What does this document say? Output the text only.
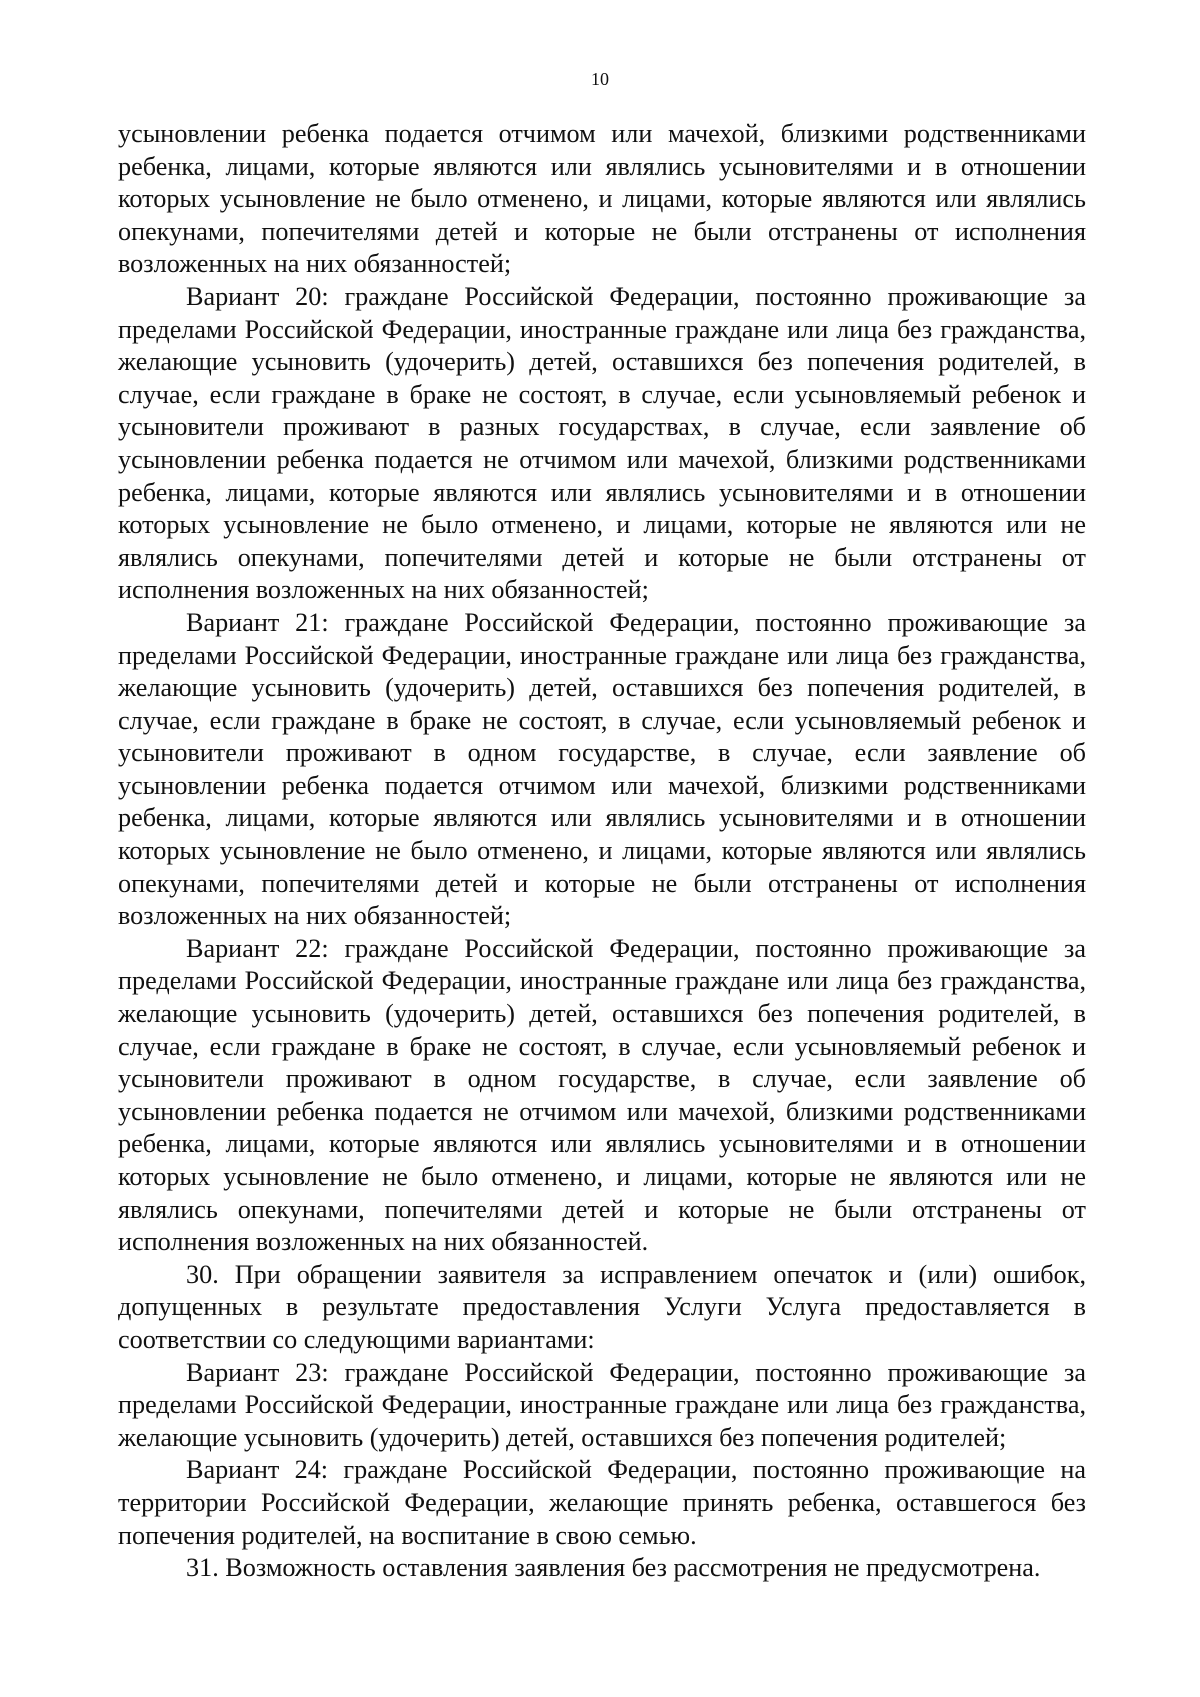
10

усыновлении ребенка подается отчимом или мачехой, близкими родственниками ребенка, лицами, которые являются или являлись усыновителями и в отношении которых усыновление не было отменено, и лицами, которые являются или являлись опекунами, попечителями детей и которые не были отстранены от исполнения возложенных на них обязанностей;

Вариант 20: граждане Российской Федерации, постоянно проживающие за пределами Российской Федерации, иностранные граждане или лица без гражданства, желающие усыновить (удочерить) детей, оставшихся без попечения родителей, в случае, если граждане в браке не состоят, в случае, если усыновляемый ребенок и усыновители проживают в разных государствах, в случае, если заявление об усыновлении ребенка подается не отчимом или мачехой, близкими родственниками ребенка, лицами, которые являются или являлись усыновителями и в отношении которых усыновление не было отменено, и лицами, которые не являются или не являлись опекунами, попечителями детей и которые не были отстранены от исполнения возложенных на них обязанностей;

Вариант 21: граждане Российской Федерации, постоянно проживающие за пределами Российской Федерации, иностранные граждане или лица без гражданства, желающие усыновить (удочерить) детей, оставшихся без попечения родителей, в случае, если граждане в браке не состоят, в случае, если усыновляемый ребенок и усыновители проживают в одном государстве, в случае, если заявление об усыновлении ребенка подается отчимом или мачехой, близкими родственниками ребенка, лицами, которые являются или являлись усыновителями и в отношении которых усыновление не было отменено, и лицами, которые являются или являлись опекунами, попечителями детей и которые не были отстранены от исполнения возложенных на них обязанностей;

Вариант 22: граждане Российской Федерации, постоянно проживающие за пределами Российской Федерации, иностранные граждане или лица без гражданства, желающие усыновить (удочерить) детей, оставшихся без попечения родителей, в случае, если граждане в браке не состоят, в случае, если усыновляемый ребенок и усыновители проживают в одном государстве, в случае, если заявление об усыновлении ребенка подается не отчимом или мачехой, близкими родственниками ребенка, лицами, которые являются или являлись усыновителями и в отношении которых усыновление не было отменено, и лицами, которые не являются или не являлись опекунами, попечителями детей и которые не были отстранены от исполнения возложенных на них обязанностей.

30. При обращении заявителя за исправлением опечаток и (или) ошибок, допущенных в результате предоставления Услуги Услуга предоставляется в соответствии со следующими вариантами:

Вариант 23: граждане Российской Федерации, постоянно проживающие за пределами Российской Федерации, иностранные граждане или лица без гражданства, желающие усыновить (удочерить) детей, оставшихся без попечения родителей;

Вариант 24: граждане Российской Федерации, постоянно проживающие на территории Российской Федерации, желающие принять ребенка, оставшегося без попечения родителей, на воспитание в свою семью.

31. Возможность оставления заявления без рассмотрения не предусмотрена.
